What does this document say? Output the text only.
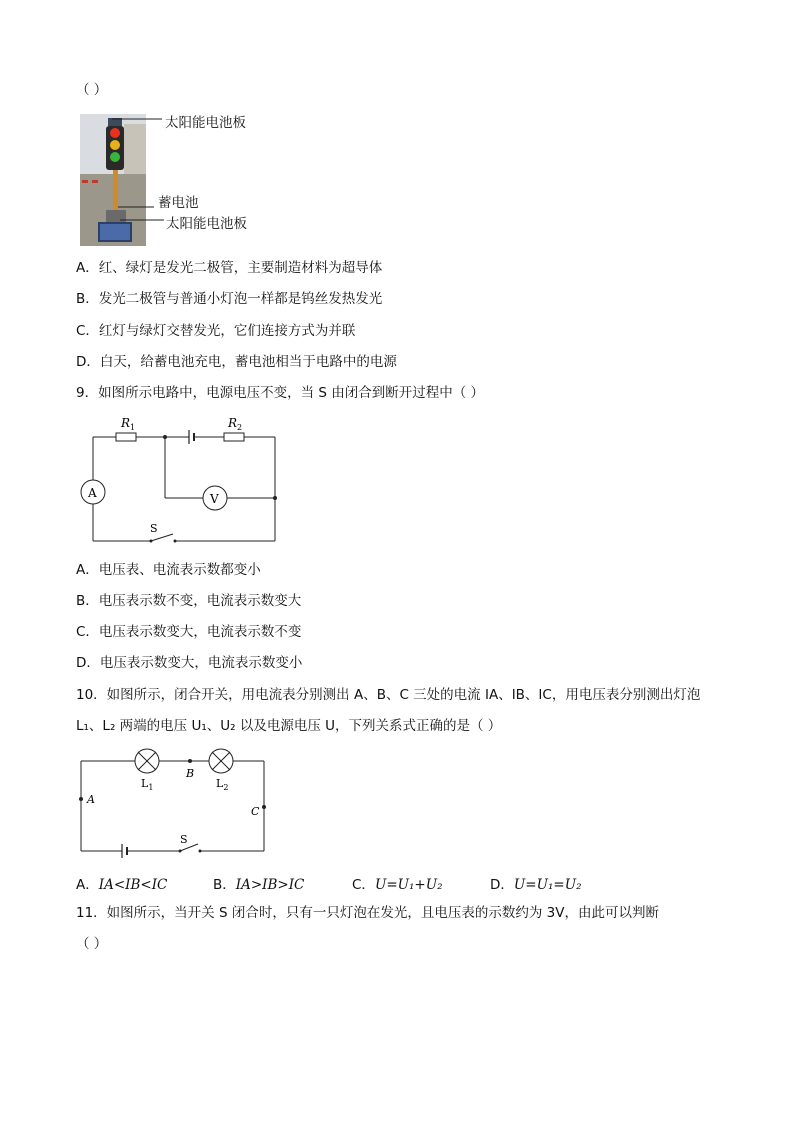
（ ）
太阳能电池板
蓄电池
太阳能电池板
A．红、绿灯是发光二极管，主要制造材料为超导体
B．发光二极管与普通小灯泡一样都是钨丝发热发光
C．红灯与绿灯交替发光，它们连接方式为并联
D．白天，给蓄电池充电，蓄电池相当于电路中的电源
9．如图所示电路中，电源电压不变，当 S 由闭合到断开过程中（ ）
$R_1$	$R_2$
A	V
S
A．电压表、电流表示数都变小
B．电压表示数不变，电流表示数变大
C．电压表示数变大，电流表示数不变
D．电压表示数变大，电流表示数变小
10．如图所示，闭合开关，用电流表分别测出 A、B、C 三处的电流 IA、IB、IC，用电压表分别测出灯泡
L₁、L₂ 两端的电压 U₁、U₂ 以及电源电压 U，下列关系式正确的是（ ）
$L_1$	$L_2$
B
A
C
S
A．IA<IB<IC	B．IA>IB>IC	C．U=U₁+U₂	D．U=U₁=U₂
11．如图所示，当开关 S 闭合时，只有一只灯泡在发光，且电压表的示数约为 3V，由此可以判断
（ ）
